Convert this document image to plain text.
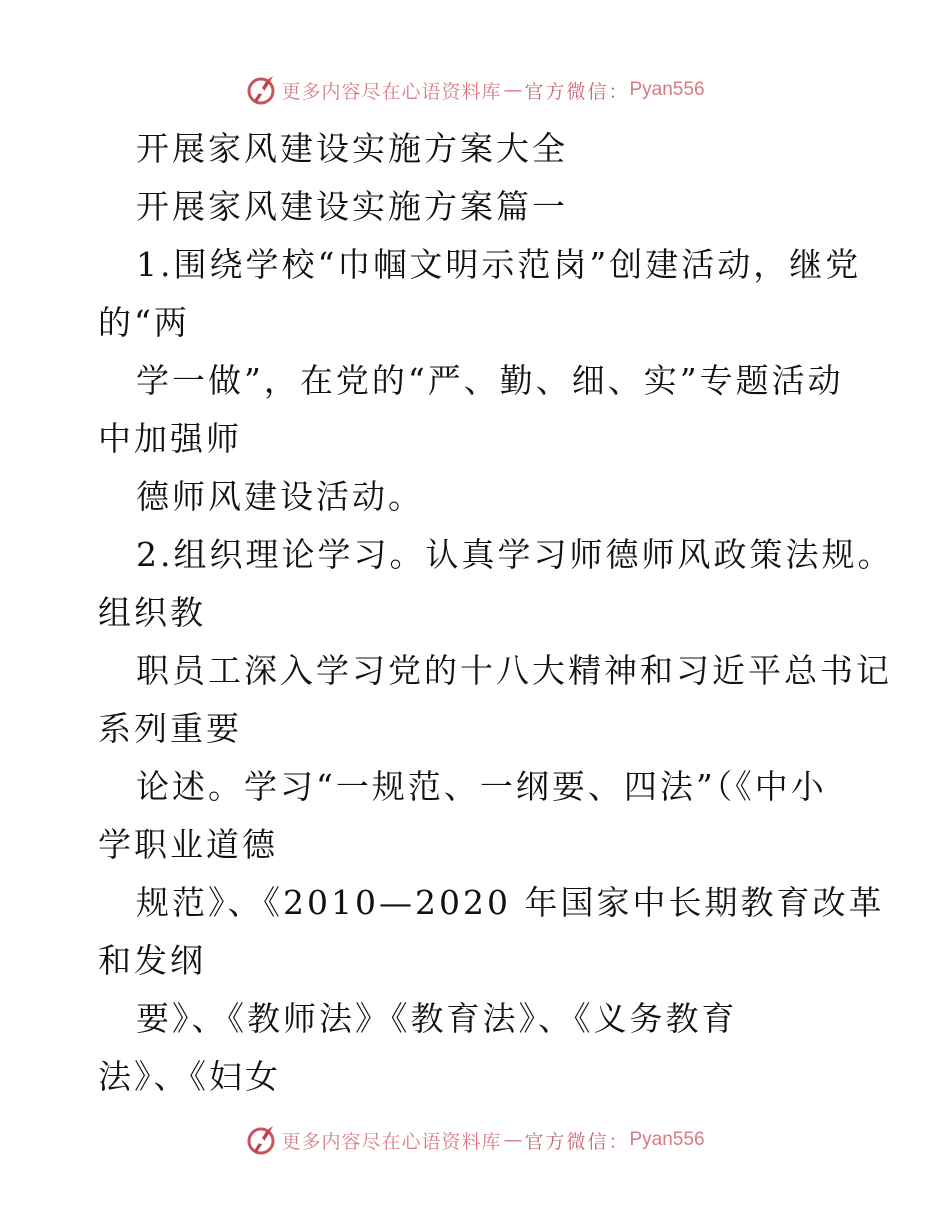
更多内容尽在心语资料库 — 官方微信： Pyan556
开展家风建设实施方案大全
开展家风建设实施方案篇一
1.围绕学校“巾帼文明示范岗”创建活动，继党
的“两
学一做”，在党的“严、勤、细、实”专题活动
中加强师
德师风建设活动。
2.组织理论学习。认真学习师德师风政策法规。
组织教
职员工深入学习党的十八大精神和习近平总书记
系列重要
论述。学习“一规范、一纲要、四法”（《中小
学职业道德
规范》、《2010—2020 年国家中长期教育改革
和发纲
要》、《教师法》《教育法》、《义务教育
法》、《妇女
更多内容尽在心语资料库 — 官方微信： Pyan556
